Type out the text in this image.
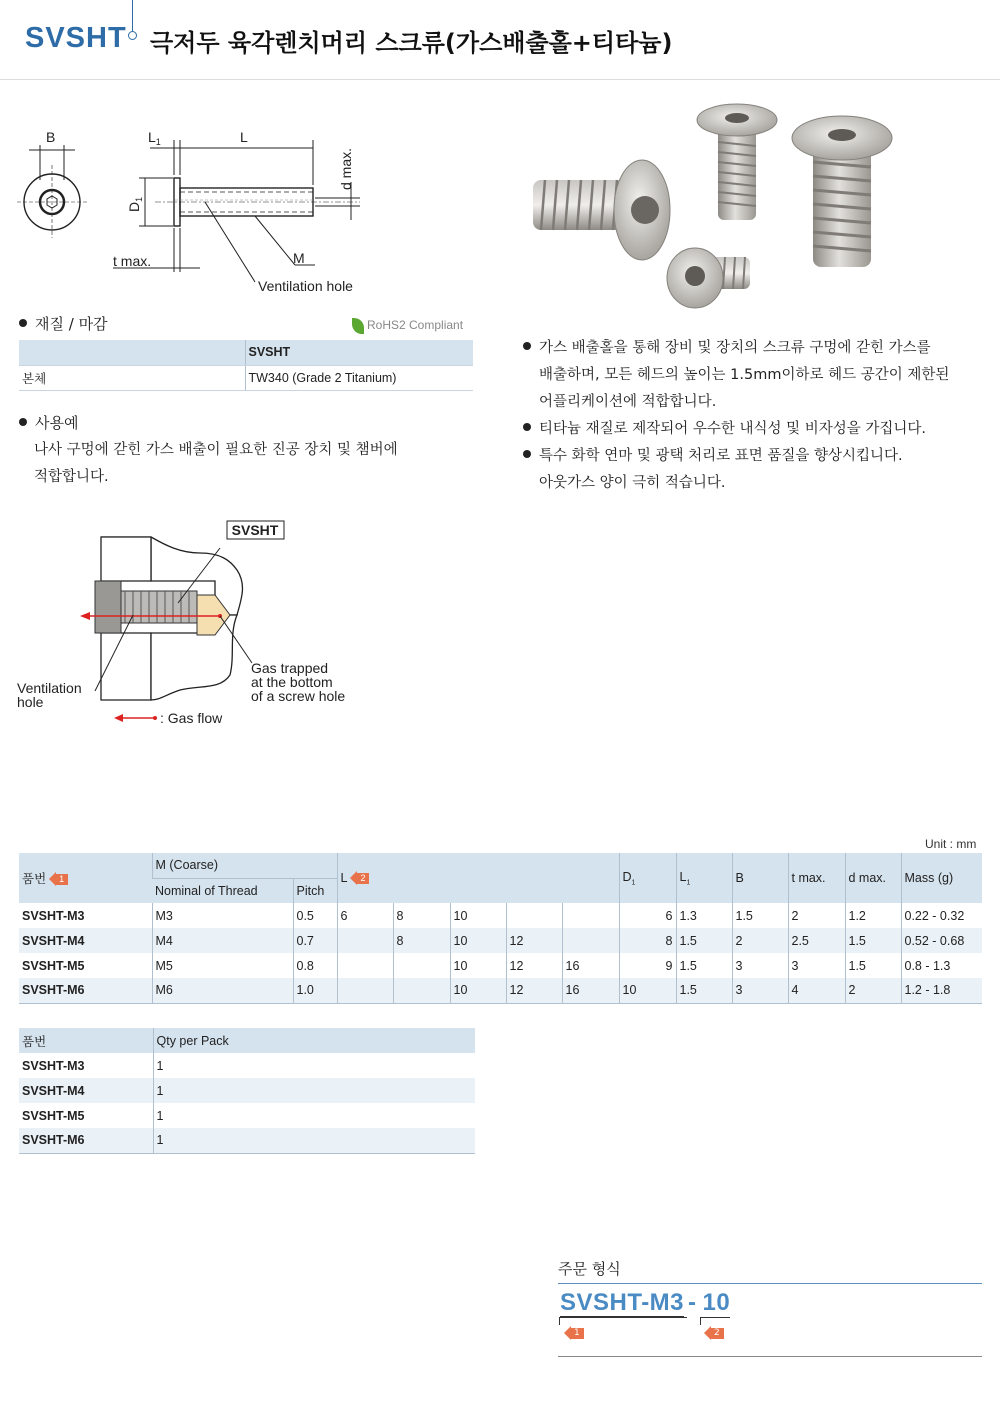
SVSHT 극저두 육각렌치머리 스크류(가스배출홀+티타늄)
B	$L_1$	L
$D_1$
d max.
t max.	M
Ventilation hole
재질 / 마감	RoHS2 Compliant
	SVSHT
본체	TW340 (Grade 2 Titanium)
사용예
나사 구멍에 갇힌 가스 배출이 필요한 진공 장치 및 챔버에
적합합니다.
가스 배출홀을 통해 장비 및 장치의 스크류 구멍에 갇힌 가스를
배출하며, 모든 헤드의 높이는 1.5mm이하로 헤드 공간이 제한된
어플리케이션에 적합합니다.
티타늄 재질로 제작되어 우수한 내식성 및 비자성을 가집니다.
특수 화학 연마 및 광택 처리로 표면 품질을 향상시킵니다.
아웃가스 양이 극히 적습니다.
SVSHT
Ventilation
hole
Gas trapped
at the bottom
of a screw hole
: Gas flow
Unit : mm
품번 1	M (Coarse)		L 2					$D_1$	$L_1$	B	t max.	d max.	Mass (g)
	Nominal of Thread	Pitch											
SVSHT-M3	M3	0.5	6	8	10			6	1.3	1.5	2	1.2	0.22 - 0.32
SVSHT-M4	M4	0.7		8	10	12		8	1.5	2	2.5	1.5	0.52 - 0.68
SVSHT-M5	M5	0.8			10	12	16	9	1.5	3	3	1.5	0.8 - 1.3
SVSHT-M6	M6	1.0			10	12	16	10	1.5	3	4	2	1.2 - 1.8
품번	Qty per Pack
SVSHT-M3	1
SVSHT-M4	1
SVSHT-M5	1
SVSHT-M6	1
주문 형식
SVSHT-M3 - 10
1	2
